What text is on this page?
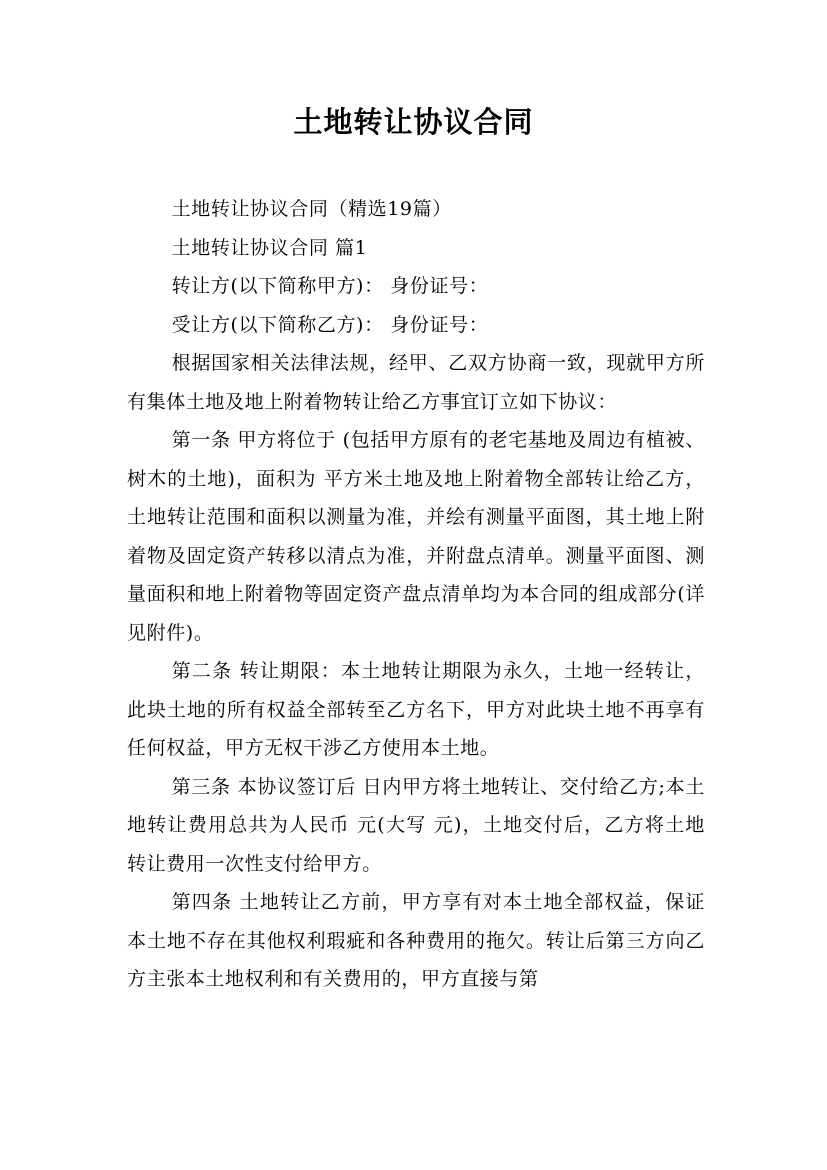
土地转让协议合同

土地转让协议合同（精选19篇）

土地转让协议合同 篇1

转让方(以下简称甲方)： 身份证号：

受让方(以下简称乙方)： 身份证号：

根据国家相关法律法规，经甲、乙双方协商一致，现就甲方所有集体土地及地上附着物转让给乙方事宜订立如下协议：

第一条 甲方将位于 (包括甲方原有的老宅基地及周边有植被、树木的土地)，面积为 平方米土地及地上附着物全部转让给乙方，土地转让范围和面积以测量为准，并绘有测量平面图，其土地上附着物及固定资产转移以清点为准，并附盘点清单。测量平面图、测量面积和地上附着物等固定资产盘点清单均为本合同的组成部分(详见附件)。

第二条 转让期限：本土地转让期限为永久，土地一经转让，此块土地的所有权益全部转至乙方名下，甲方对此块土地不再享有任何权益，甲方无权干涉乙方使用本土地。

第三条 本协议签订后 日内甲方将土地转让、交付给乙方;本土地转让费用总共为人民币 元(大写 元)，土地交付后，乙方将土地转让费用一次性支付给甲方。

第四条 土地转让乙方前，甲方享有对本土地全部权益，保证本土地不存在其他权利瑕疵和各种费用的拖欠。转让后第三方向乙方主张本土地权利和有关费用的，甲方直接与第
